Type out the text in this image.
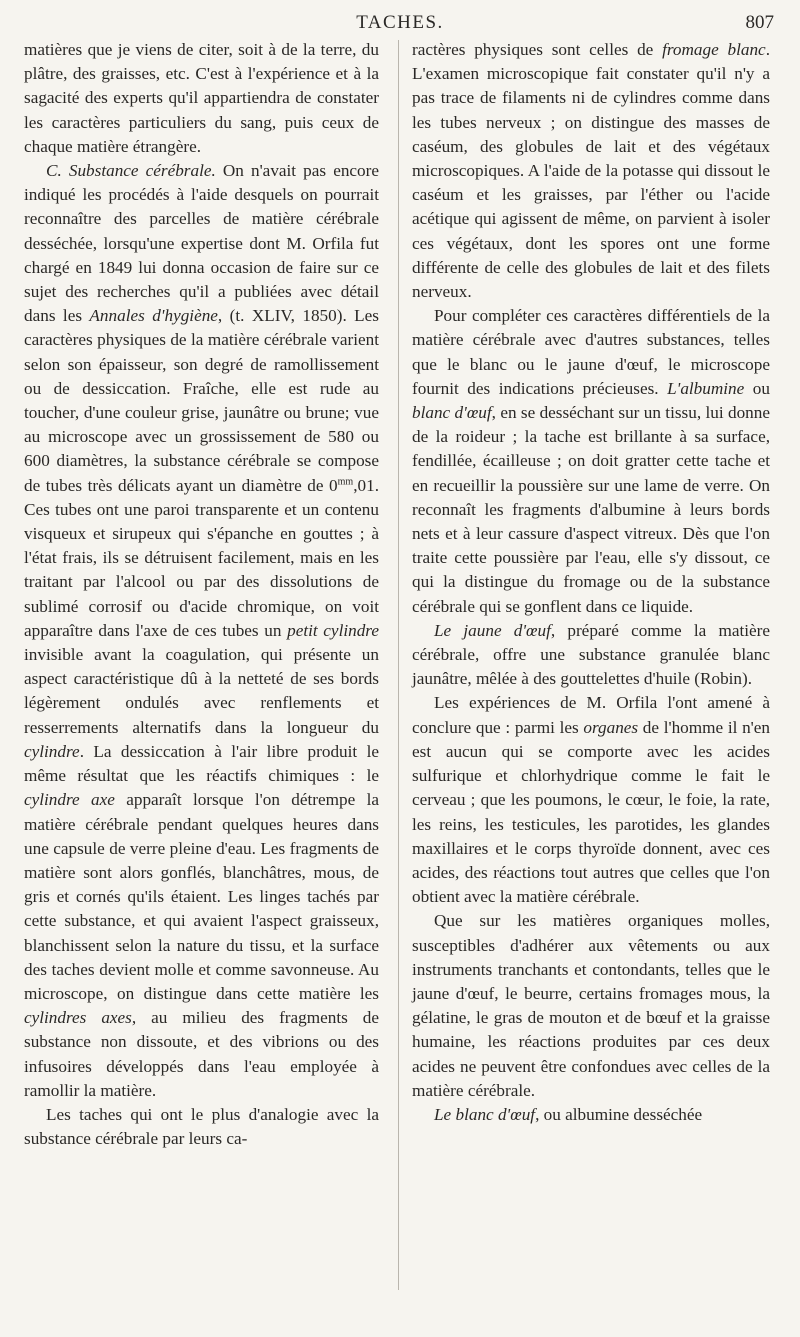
TACHES.	807

matières que je viens de citer, soit à de la terre, du plâtre, des graisses, etc. C'est à l'expérience et à la sagacité des experts qu'il appartiendra de constater les caractères particuliers du sang, puis ceux de chaque matière étrangère.

C. Substance cérébrale. On n'avait pas encore indiqué les procédés à l'aide desquels on pourrait reconnaître des parcelles de matière cérébrale desséchée, lorsqu'une expertise dont M. Orfila fut chargé en 1849 lui donna occasion de faire sur ce sujet des recherches qu'il a publiées avec détail dans les Annales d'hygiène, (t. XLIV, 1850). Les caractères physiques de la matière cérébrale varient selon son épaisseur, son degré de ramollissement ou de dessiccation. Fraîche, elle est rude au toucher, d'une couleur grise, jaunâtre ou brune; vue au microscope avec un grossissement de 580 ou 600 diamètres, la substance cérébrale se compose de tubes très délicats ayant un diamètre de $0^{mm},01$. Ces tubes ont une paroi transparente et un contenu visqueux et sirupeux qui s'épanche en gouttes ; à l'état frais, ils se détruisent facilement, mais en les traitant par l'alcool ou par des dissolutions de sublimé corrosif ou d'acide chromique, on voit apparaître dans l'axe de ces tubes un petit cylindre invisible avant la coagulation, qui présente un aspect caractéristique dû à la netteté de ses bords légèrement ondulés avec renflements et resserrements alternatifs dans la longueur du cylindre. La dessiccation à l'air libre produit le même résultat que les réactifs chimiques : le cylindre axe apparaît lorsque l'on détrempe la matière cérébrale pendant quelques heures dans une capsule de verre pleine d'eau. Les fragments de matière sont alors gonflés, blanchâtres, mous, de gris et cornés qu'ils étaient. Les linges tachés par cette substance, et qui avaient l'aspect graisseux, blanchissent selon la nature du tissu, et la surface des taches devient molle et comme savonneuse. Au microscope, on distingue dans cette matière les cylindres axes, au milieu des fragments de substance non dissoute, et des vibrions ou des infusoires développés dans l'eau employée à ramollir la matière.

Les taches qui ont le plus d'analogie avec la substance cérébrale par leurs ca-

ractères physiques sont celles de fromage blanc. L'examen microscopique fait constater qu'il n'y a pas trace de filaments ni de cylindres comme dans les tubes nerveux ; on distingue des masses de caséum, des globules de lait et des végétaux microscopiques. A l'aide de la potasse qui dissout le caséum et les graisses, par l'éther ou l'acide acétique qui agissent de même, on parvient à isoler ces végétaux, dont les spores ont une forme différente de celle des globules de lait et des filets nerveux.

Pour compléter ces caractères différentiels de la matière cérébrale avec d'autres substances, telles que le blanc ou le jaune d'œuf, le microscope fournit des indications précieuses. L'albumine ou blanc d'œuf, en se desséchant sur un tissu, lui donne de la roideur ; la tache est brillante à sa surface, fendillée, écailleuse ; on doit gratter cette tache et en recueillir la poussière sur une lame de verre. On reconnaît les fragments d'albumine à leurs bords nets et à leur cassure d'aspect vitreux. Dès que l'on traite cette poussière par l'eau, elle s'y dissout, ce qui la distingue du fromage ou de la substance cérébrale qui se gonflent dans ce liquide.

Le jaune d'œuf, préparé comme la matière cérébrale, offre une substance granulée blanc jaunâtre, mêlée à des gouttelettes d'huile (Robin).

Les expériences de M. Orfila l'ont amené à conclure que : parmi les organes de l'homme il n'en est aucun qui se comporte avec les acides sulfurique et chlorhydrique comme le fait le cerveau ; que les poumons, le cœur, le foie, la rate, les reins, les testicules, les parotides, les glandes maxillaires et le corps thyroïde donnent, avec ces acides, des réactions tout autres que celles que l'on obtient avec la matière cérébrale.

Que sur les matières organiques molles, susceptibles d'adhérer aux vêtements ou aux instruments tranchants et contondants, telles que le jaune d'œuf, le beurre, certains fromages mous, la gélatine, le gras de mouton et de bœuf et la graisse humaine, les réactions produites par ces deux acides ne peuvent être confondues avec celles de la matière cérébrale.

Le blanc d'œuf, ou albumine desséchée
